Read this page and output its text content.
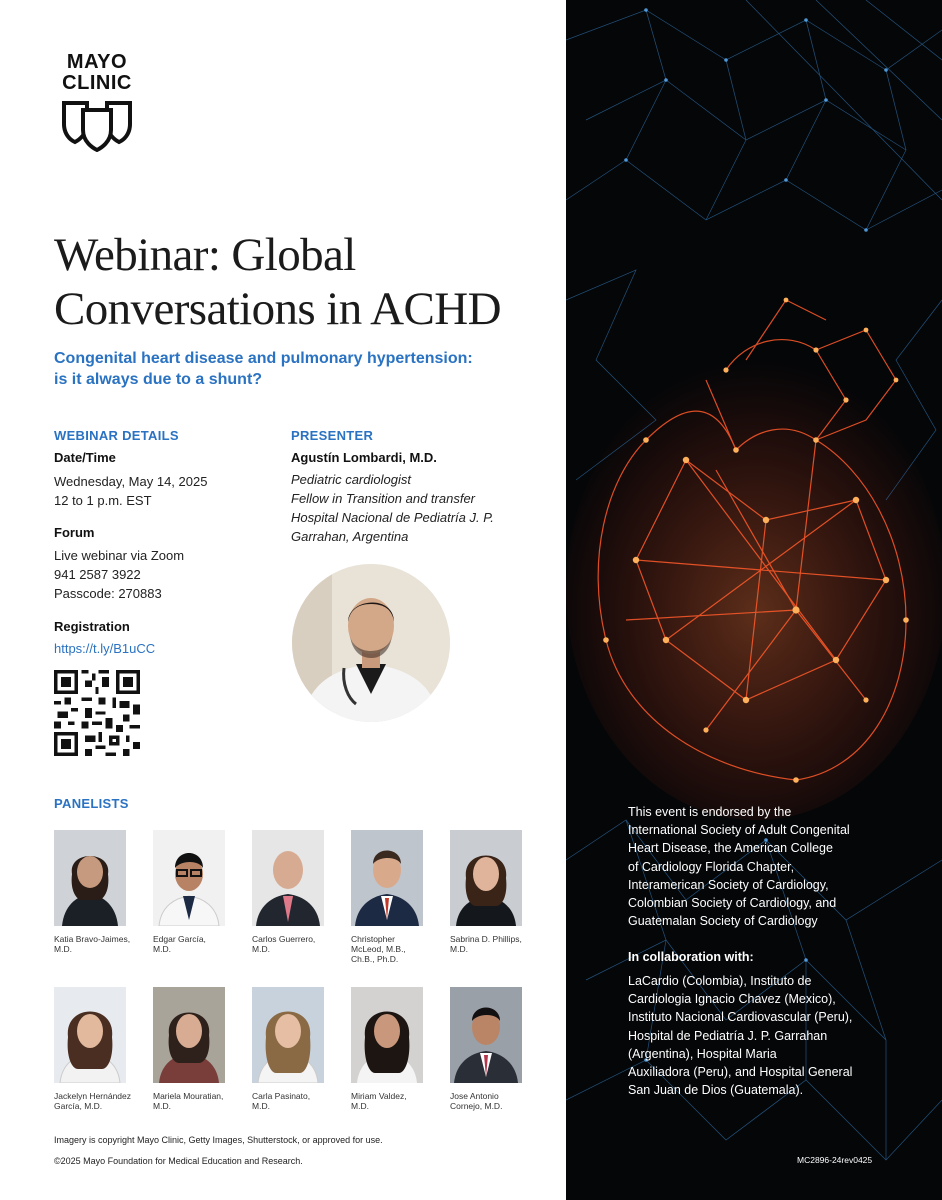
MAYO
CLINIC
Webinar: Global
Conversations in ACHD
Congenital heart disease and pulmonary hypertension:
is it always due to a shunt?
WEBINAR DETAILS
Date/Time
Wednesday, May 14, 2025
12 to 1 p.m. EST
Forum
Live webinar via Zoom
941 2587 3922
Passcode: 270883
Registration
https://t.ly/B1uCC
PRESENTER
Agustín Lombardi, M.D.
Pediatric cardiologist
Fellow in Transition and transfer
Hospital Nacional de Pediatría J. P.
Garrahan, Argentina
PANELISTS
Katia Bravo-Jaimes,
M.D.
Edgar García,
M.D.
Carlos Guerrero,
M.D.
Christopher
McLeod, M.B.,
Ch.B., Ph.D.
Sabrina D. Phillips,
M.D.
Jackelyn Hernández
García, M.D.
Mariela Mouratian,
M.D.
Carla Pasinato,
M.D.
Miriam Valdez,
M.D.
Jose Antonio
Cornejo, M.D.
Imagery is copyright Mayo Clinic, Getty Images, Shutterstock, or approved for use.
©2025 Mayo Foundation for Medical Education and Research.
This event is endorsed by the
International Society of Adult Congenital
Heart Disease, the American College
of Cardiology Florida Chapter,
Interamerican Society of Cardiology,
Colombian Society of Cardiology, and
Guatemalan Society of Cardiology
In collaboration with:
LaCardio (Colombia), Instituto de
Cardiologia Ignacio Chavez (Mexico),
Instituto Nacional Cardiovascular (Peru),
Hospital de Pediatría J. P. Garrahan
(Argentina), Hospital Maria
Auxiliadora (Peru), and Hospital General
San Juan de Dios (Guatemala).
MC2896-24rev0425
